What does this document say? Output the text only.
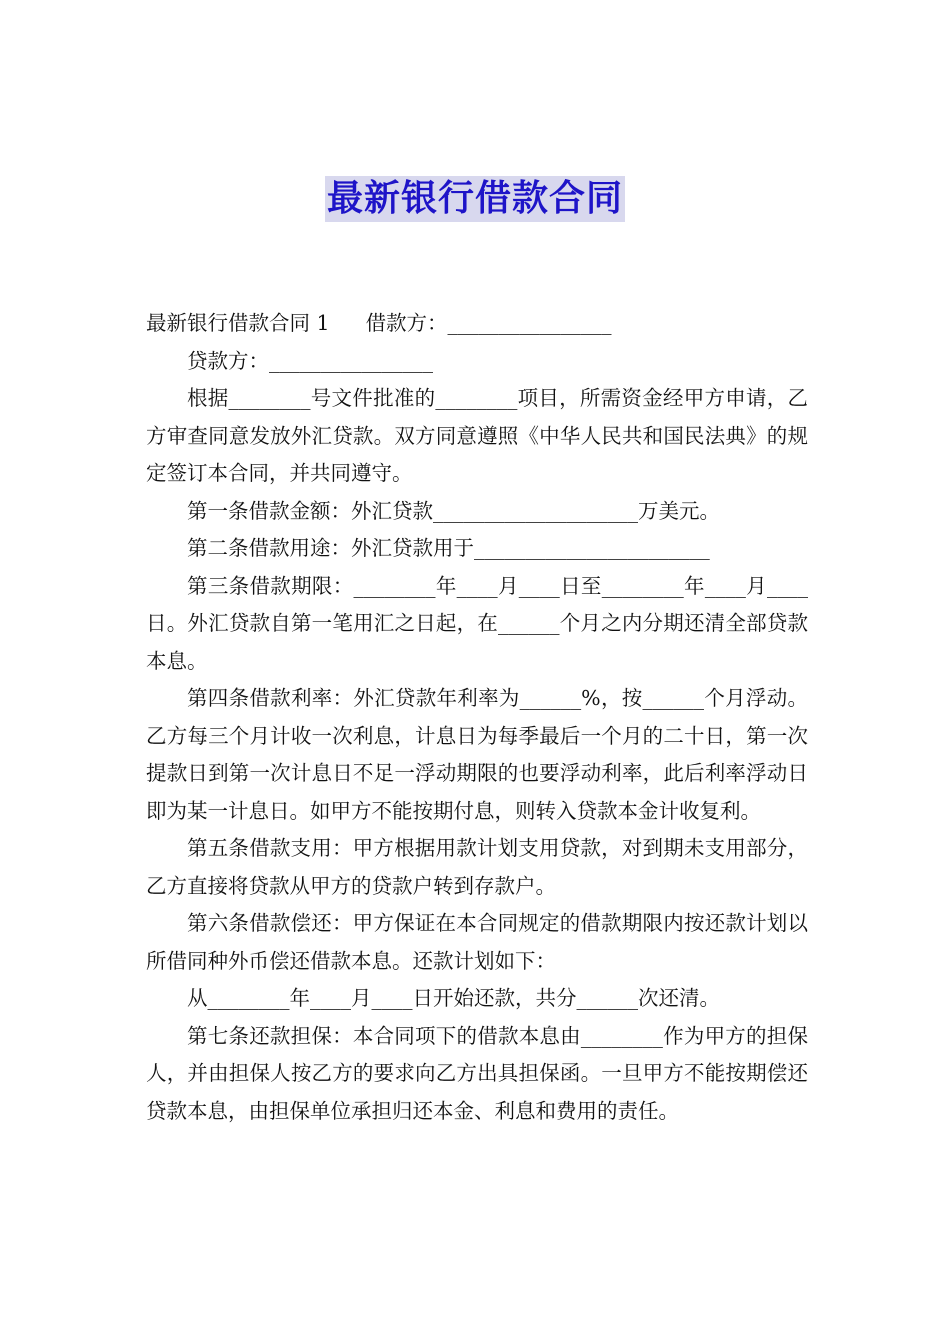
最新银行借款合同

最新银行借款合同 1 借款方：________________

贷款方：________________

根据________号文件批准的________项目，所需资金经甲方申请，乙方审查同意发放外汇贷款。双方同意遵照《中华人民共和国民法典》的规定签订本合同，并共同遵守。

第一条借款金额：外汇贷款____________________万美元。

第二条借款用途：外汇贷款用于_______________________

第三条借款期限：________年____月____日至________年____月____日。外汇贷款自第一笔用汇之日起，在______个月之内分期还清全部贷款本息。

第四条借款利率：外汇贷款年利率为______%，按______个月浮动。乙方每三个月计收一次利息，计息日为每季最后一个月的二十日，第一次提款日到第一次计息日不足一浮动期限的也要浮动利率，此后利率浮动日即为某一计息日。如甲方不能按期付息，则转入贷款本金计收复利。

第五条借款支用：甲方根据用款计划支用贷款，对到期未支用部分，乙方直接将贷款从甲方的贷款户转到存款户。

第六条借款偿还：甲方保证在本合同规定的借款期限内按还款计划以所借同种外币偿还借款本息。还款计划如下：

从________年____月____日开始还款，共分______次还清。

第七条还款担保：本合同项下的借款本息由________作为甲方的担保人，并由担保人按乙方的要求向乙方出具担保函。一旦甲方不能按期偿还贷款本息，由担保单位承担归还本金、利息和费用的责任。
